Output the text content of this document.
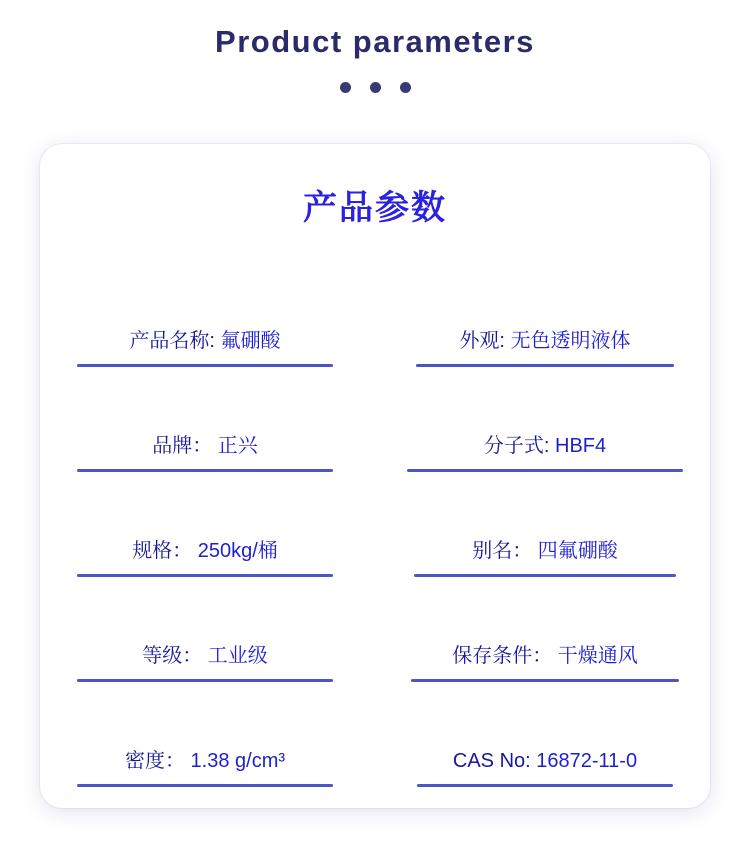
Product parameters
产品参数
产品名称: 氟硼酸	外观: 无色透明液体
品牌： 正兴	分子式: HBF4
规格： 250kg/桶	别名： 四氟硼酸
等级： 工业级	保存条件： 干燥通风
密度： 1.38 g/cm³	CAS No: 16872-11-0
